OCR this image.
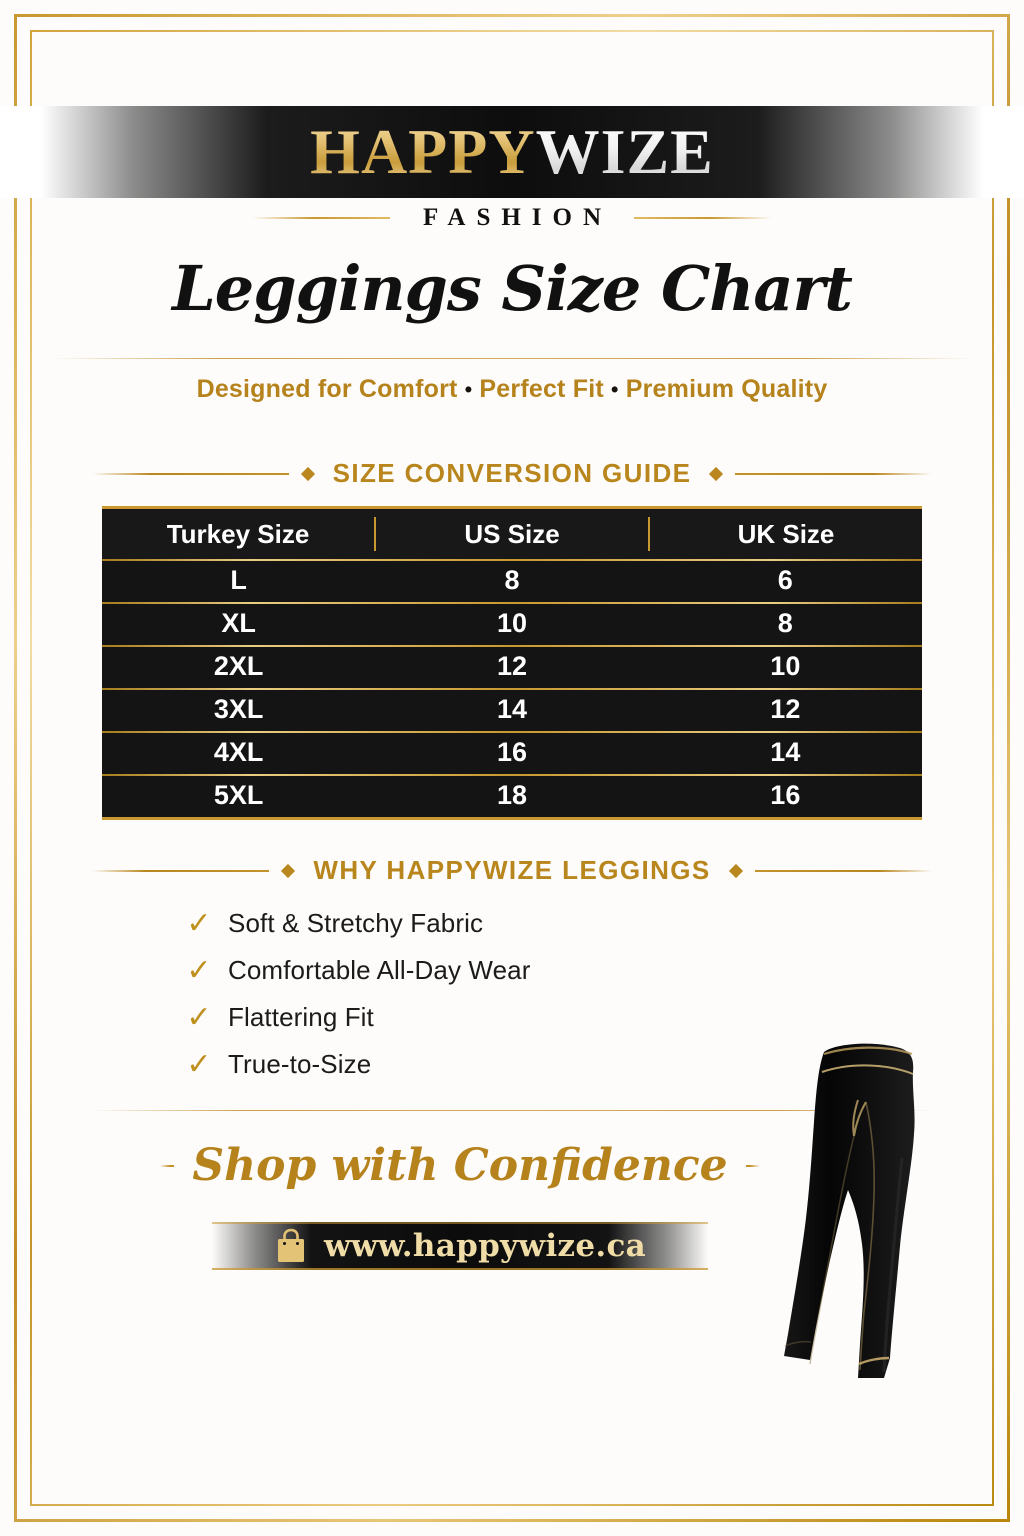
HAPPYWIZE
FASHION
Leggings Size Chart
Designed for Comfort • Perfect Fit • Premium Quality
SIZE CONVERSION GUIDE
Turkey Size	US Size	UK Size
L	8	6
XL	10	8
2XL	12	10
3XL	14	12
4XL	16	14
5XL	18	16
WHY HAPPYWIZE LEGGINGS
✓ Soft & Stretchy Fabric
✓ Comfortable All-Day Wear
✓ Flattering Fit
✓ True-to-Size
Shop with Confidence
www.happywize.ca
